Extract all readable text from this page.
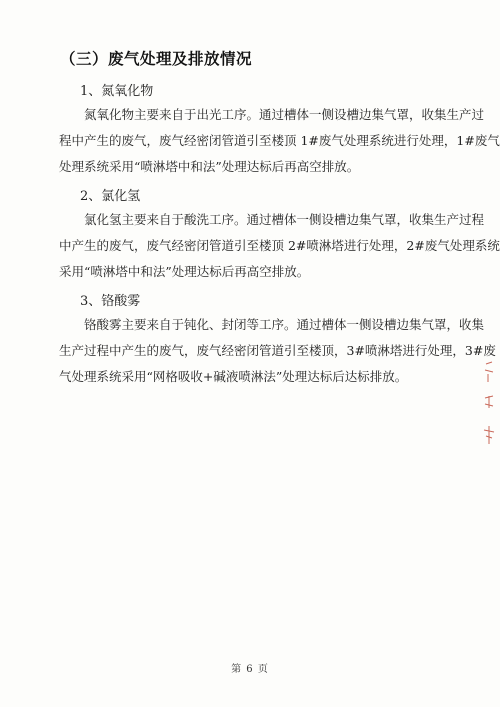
（三）废气处理及排放情况
1、氮氧化物
氮氧化物主要来自于出光工序。通过槽体一侧设槽边集气罩，收集生产过
程中产生的废气，废气经密闭管道引至楼顶 1#废气处理系统进行处理，1#废气
处理系统采用“喷淋塔中和法”处理达标后再高空排放。
2、氯化氢
氯化氢主要来自于酸洗工序。通过槽体一侧设槽边集气罩，收集生产过程
中产生的废气，废气经密闭管道引至楼顶 2#喷淋塔进行处理，2#废气处理系统
采用“喷淋塔中和法”处理达标后再高空排放。
3、铬酸雾
铬酸雾主要来自于钝化、封闭等工序。通过槽体一侧设槽边集气罩，收集
生产过程中产生的废气，废气经密闭管道引至楼顶，3#喷淋塔进行处理，3#废
气处理系统采用“网格吸收+碱液喷淋法”处理达标后达标排放。
第 6 页
